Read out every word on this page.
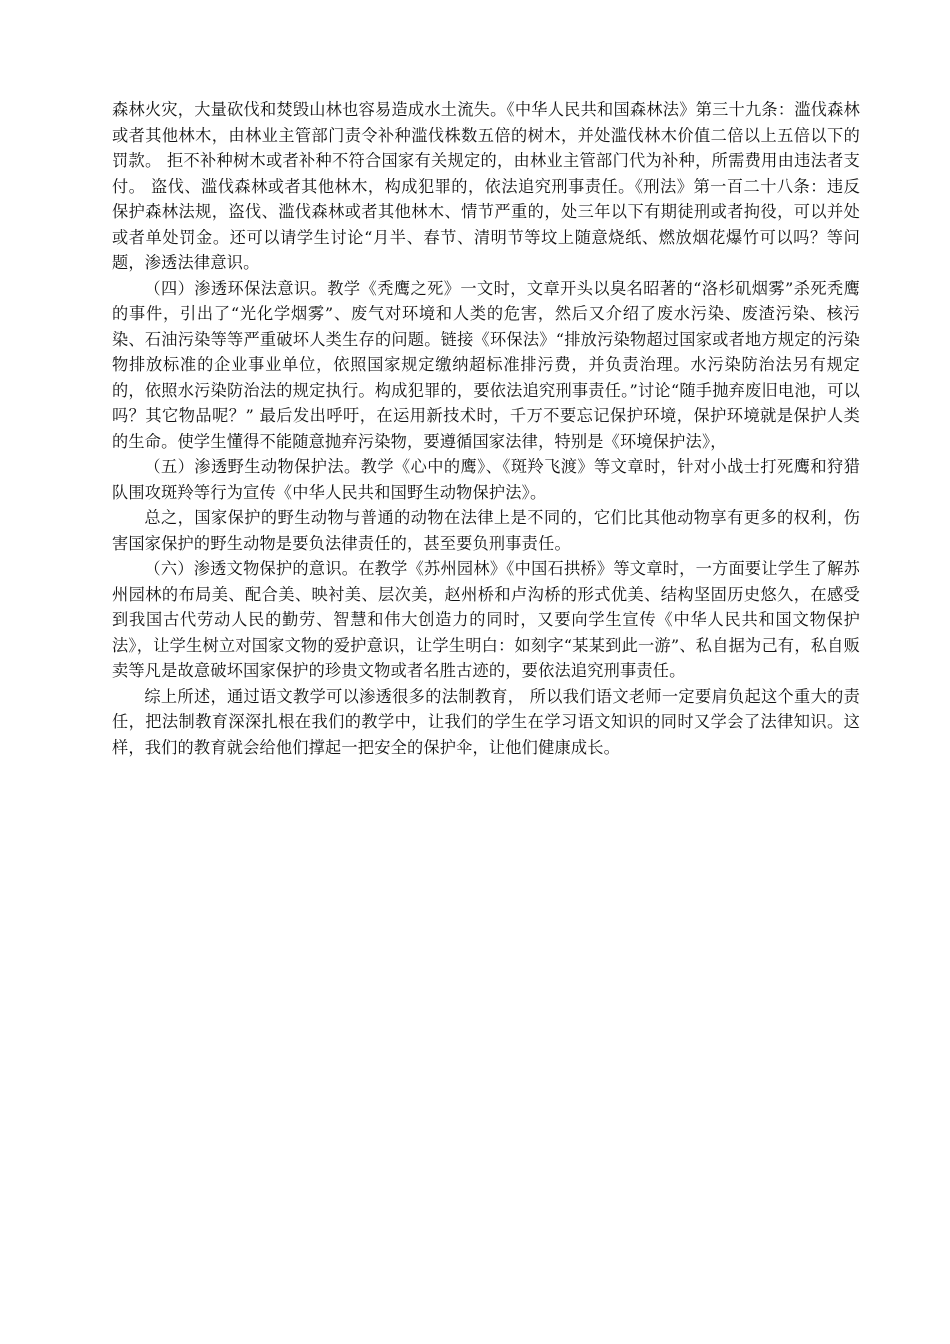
森林火灾，大量砍伐和焚毁山林也容易造成水土流失。《中华人民共和国森林法》第三十九条：滥伐森林或者其他林木，由林业主管部门责令补种滥伐株数五倍的树木，并处滥伐林木价值二倍以上五倍以下的罚款。 拒不补种树木或者补种不符合国家有关规定的，由林业主管部门代为补种，所需费用由违法者支付。 盗伐、滥伐森林或者其他林木，构成犯罪的，依法追究刑事责任。《刑法》第一百二十八条：违反保护森林法规，盗伐、滥伐森林或者其他林木、情节严重的，处三年以下有期徒刑或者拘役，可以并处或者单处罚金。还可以请学生讨论“月半、春节、清明节等坟上随意烧纸、燃放烟花爆竹可以吗？等问题，渗透法律意识。

（四）渗透环保法意识。教学《秃鹰之死》一文时，文章开头以臭名昭著的“洛杉矶烟雾”杀死秃鹰的事件，引出了“光化学烟雾”、废气对环境和人类的危害，然后又介绍了废水污染、废渣污染、核污染、石油污染等等严重破坏人类生存的问题。链接《环保法》“排放污染物超过国家或者地方规定的污染物排放标准的企业事业单位，依照国家规定缴纳超标准排污费，并负责治理。水污染防治法另有规定的，依照水污染防治法的规定执行。构成犯罪的，要依法追究刑事责任。”讨论“随手抛弃废旧电池，可以吗？其它物品呢？” 最后发出呼吁，在运用新技术时，千万不要忘记保护环境，保护环境就是保护人类的生命。使学生懂得不能随意抛弃污染物，要遵循国家法律，特别是《环境保护法》，

（五）渗透野生动物保护法。教学《心中的鹰》、《斑羚飞渡》等文章时，针对小战士打死鹰和狩猎队围攻斑羚等行为宣传《中华人民共和国野生动物保护法》。

总之，国家保护的野生动物与普通的动物在法律上是不同的，它们比其他动物享有更多的权利，伤害国家保护的野生动物是要负法律责任的，甚至要负刑事责任。

（六）渗透文物保护的意识。在教学《苏州园林》《中国石拱桥》等文章时，一方面要让学生了解苏州园林的布局美、配合美、映衬美、层次美，赵州桥和卢沟桥的形式优美、结构坚固历史悠久，在感受到我国古代劳动人民的勤劳、智慧和伟大创造力的同时，又要向学生宣传《中华人民共和国文物保护法》，让学生树立对国家文物的爱护意识，让学生明白：如刻字“某某到此一游”、私自据为己有，私自贩卖等凡是故意破坏国家保护的珍贵文物或者名胜古迹的，要依法追究刑事责任。

综上所述，通过语文教学可以渗透很多的法制教育， 所以我们语文老师一定要肩负起这个重大的责任，把法制教育深深扎根在我们的教学中，让我们的学生在学习语文知识的同时又学会了法律知识。这样，我们的教育就会给他们撑起一把安全的保护伞，让他们健康成长。
